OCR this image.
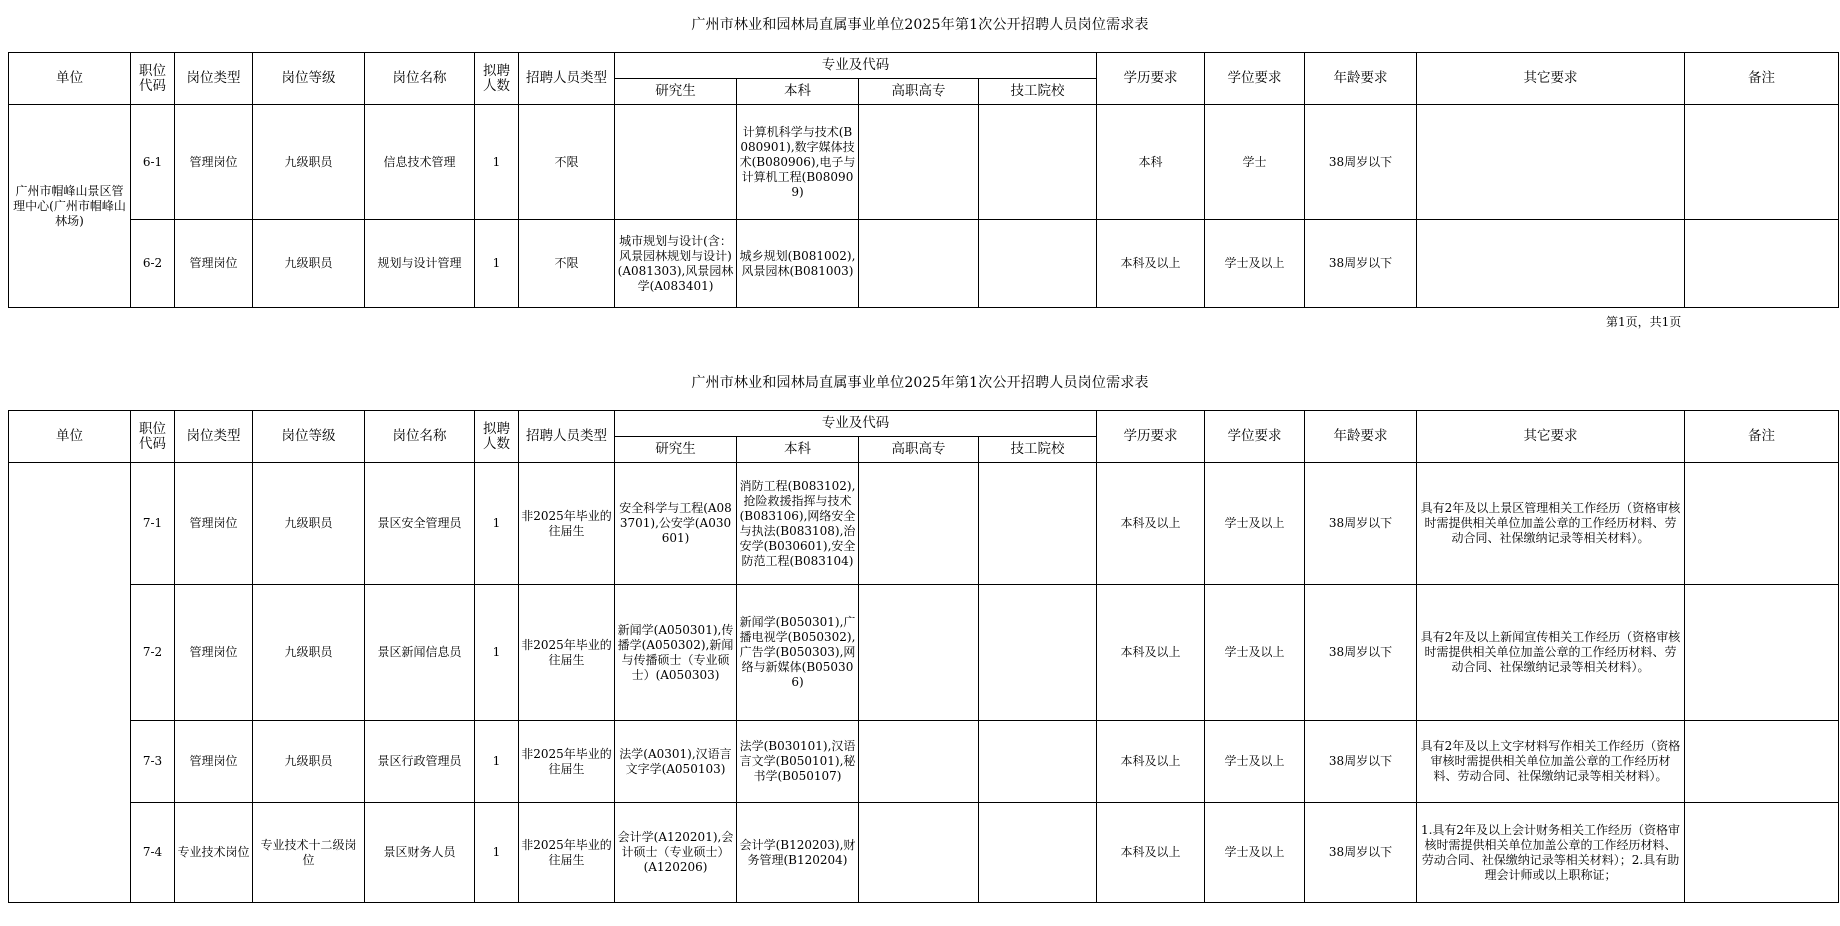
广州市林业和园林局直属事业单位2025年第1次公开招聘人员岗位需求表
单位	职位代码	岗位类型	岗位等级	岗位名称	拟聘人数	招聘人员类型	专业及代码				学历要求	学位要求	年龄要求	其它要求	备注
							研究生	本科	高职高专	技工院校					
广州市帽峰山景区管理中心(广州市帽峰山林场)	6-1	管理岗位	九级职员	信息技术管理	1	不限		计算机科学与技术(B080901),数字媒体技术(B080906),电子与计算机工程(B080909)			本科	学士	38周岁以下		
	6-2	管理岗位	九级职员	规划与设计管理	1	不限	城市规划与设计(含：风景园林规划与设计)(A081303),风景园林学(A083401)	城乡规划(B081002),风景园林(B081003)			本科及以上	学士及以上	38周岁以下		
第1页，共1页
广州市林业和园林局直属事业单位2025年第1次公开招聘人员岗位需求表
单位	职位代码	岗位类型	岗位等级	岗位名称	拟聘人数	招聘人员类型	专业及代码				学历要求	学位要求	年龄要求	其它要求	备注
							研究生	本科	高职高专	技工院校					
	7-1	管理岗位	九级职员	景区安全管理员	1	非2025年毕业的往届生	安全科学与工程(A083701),公安学(A030601)	消防工程(B083102),抢险救援指挥与技术(B083106),网络安全与执法(B083108),治安学(B030601),安全防范工程(B083104)			本科及以上	学士及以上	38周岁以下	具有2年及以上景区管理相关工作经历（资格审核时需提供相关单位加盖公章的工作经历材料、劳动合同、社保缴纳记录等相关材料）。	
	7-2	管理岗位	九级职员	景区新闻信息员	1	非2025年毕业的往届生	新闻学(A050301),传播学(A050302),新闻与传播硕士（专业硕士）(A050303)	新闻学(B050301),广播电视学(B050302),广告学(B050303),网络与新媒体(B050306)			本科及以上	学士及以上	38周岁以下	具有2年及以上新闻宣传相关工作经历（资格审核时需提供相关单位加盖公章的工作经历材料、劳动合同、社保缴纳记录等相关材料）。	
	7-3	管理岗位	九级职员	景区行政管理员	1	非2025年毕业的往届生	法学(A0301),汉语言文字学(A050103)	法学(B030101),汉语言文学(B050101),秘书学(B050107)			本科及以上	学士及以上	38周岁以下	具有2年及以上文字材料写作相关工作经历（资格审核时需提供相关单位加盖公章的工作经历材料、劳动合同、社保缴纳记录等相关材料）。	
	7-4	专业技术岗位	专业技术十二级岗位	景区财务人员	1	非2025年毕业的往届生	会计学(A120201),会计硕士（专业硕士）(A120206)	会计学(B120203),财务管理(B120204)			本科及以上	学士及以上	38周岁以下	1.具有2年及以上会计财务相关工作经历（资格审核时需提供相关单位加盖公章的工作经历材料、劳动合同、社保缴纳记录等相关材料）；2.具有助理会计师或以上职称证；	
